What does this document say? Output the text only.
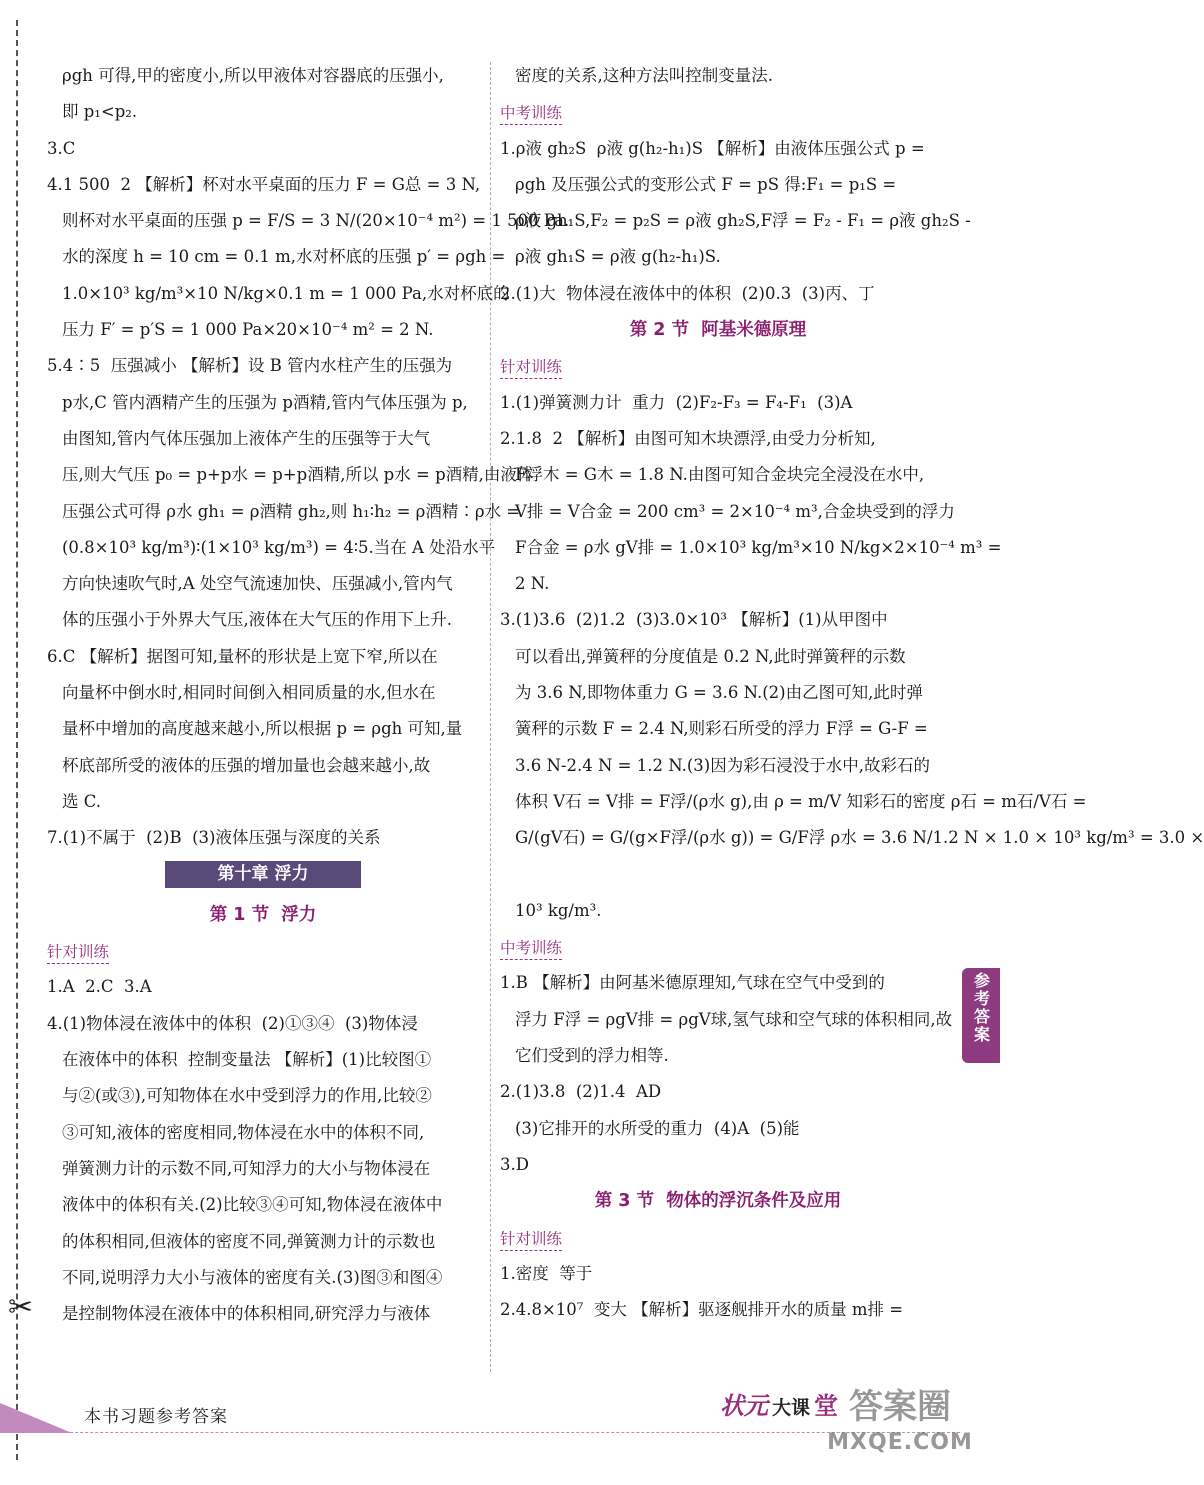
✂
ρgh 可得,甲的密度小,所以甲液体对容器底的压强小,
即 p₁<p₂.
3.C
4.1 500  2 【解析】杯对水平桌面的压力 F = G总 = 3 N,
则杯对水平桌面的压强 p = F/S = 3 N/(20×10⁻⁴ m²) = 1 500 Pa.
水的深度 h = 10 cm = 0.1 m,水对杯底的压强 p′ = ρgh =
1.0×10³ kg/m³×10 N/kg×0.1 m = 1 000 Pa,水对杯底的
压力 F′ = p′S = 1 000 Pa×20×10⁻⁴ m² = 2 N.
5.4∶5  压强减小 【解析】设 B 管内水柱产生的压强为
p水,C 管内酒精产生的压强为 p酒精,管内气体压强为 p,
由图知,管内气体压强加上液体产生的压强等于大气
压,则大气压 p₀ = p+p水 = p+p酒精,所以 p水 = p酒精,由液体
压强公式可得 ρ水 gh₁ = ρ酒精 gh₂,则 h₁∶h₂ = ρ酒精∶ρ水 =
(0.8×10³ kg/m³)∶(1×10³ kg/m³) = 4∶5.当在 A 处沿水平
方向快速吹气时,A 处空气流速加快、压强减小,管内气
体的压强小于外界大气压,液体在大气压的作用下上升.
6.C 【解析】据图可知,量杯的形状是上宽下窄,所以在
向量杯中倒水时,相同时间倒入相同质量的水,但水在
量杯中增加的高度越来越小,所以根据 p = ρgh 可知,量
杯底部所受的液体的压强的增加量也会越来越小,故
选 C.
7.(1)不属于  (2)B  (3)液体压强与深度的关系
第十章 浮力
第 1 节  浮力
针对训练
1.A  2.C  3.A
4.(1)物体浸在液体中的体积  (2)①③④  (3)物体浸
在液体中的体积  控制变量法 【解析】(1)比较图①
与②(或③),可知物体在水中受到浮力的作用,比较②
③可知,液体的密度相同,物体浸在水中的体积不同,
弹簧测力计的示数不同,可知浮力的大小与物体浸在
液体中的体积有关.(2)比较③④可知,物体浸在液体中
的体积相同,但液体的密度不同,弹簧测力计的示数也
不同,说明浮力大小与液体的密度有关.(3)图③和图④
是控制物体浸在液体中的体积相同,研究浮力与液体
密度的关系,这种方法叫控制变量法.
中考训练
1.ρ液 gh₂S  ρ液 g(h₂-h₁)S 【解析】由液体压强公式 p =
ρgh 及压强公式的变形公式 F = pS 得:F₁ = p₁S =
ρ液 gh₁S,F₂ = p₂S = ρ液 gh₂S,F浮 = F₂ - F₁ = ρ液 gh₂S -
ρ液 gh₁S = ρ液 g(h₂-h₁)S.
2.(1)大  物体浸在液体中的体积  (2)0.3  (3)丙、丁
第 2 节  阿基米德原理
针对训练
1.(1)弹簧测力计  重力  (2)F₂-F₃ = F₄-F₁  (3)A
2.1.8  2 【解析】由图可知木块漂浮,由受力分析知,
F浮木 = G木 = 1.8 N.由图可知合金块完全浸没在水中,
V排 = V合金 = 200 cm³ = 2×10⁻⁴ m³,合金块受到的浮力
F合金 = ρ水 gV排 = 1.0×10³ kg/m³×10 N/kg×2×10⁻⁴ m³ =
2 N.
3.(1)3.6  (2)1.2  (3)3.0×10³ 【解析】(1)从甲图中
可以看出,弹簧秤的分度值是 0.2 N,此时弹簧秤的示数
为 3.6 N,即物体重力 G = 3.6 N.(2)由乙图可知,此时弹
簧秤的示数 F = 2.4 N,则彩石所受的浮力 F浮 = G-F =
3.6 N-2.4 N = 1.2 N.(3)因为彩石浸没于水中,故彩石的
体积 V石 = V排 = F浮/(ρ水 g),由 ρ = m/V 知彩石的密度 ρ石 = m石/V石 =
G/(gV石) = G/(g×F浮/(ρ水 g)) = G/F浮 ρ水 = 3.6 N/1.2 N × 1.0 × 10³ kg/m³ = 3.0 ×
10³ kg/m³.
中考训练
1.B 【解析】由阿基米德原理知,气球在空气中受到的
浮力 F浮 = ρgV排 = ρgV球,氢气球和空气球的体积相同,故
它们受到的浮力相等.
2.(1)3.8  (2)1.4  AD
(3)它排开的水所受的重力  (4)A  (5)能
3.D
第 3 节  物体的浮沉条件及应用
针对训练
1.密度  等于
2.4.8×10⁷  变大 【解析】驱逐舰排开水的质量 m排 =
参考答案
本书习题参考答案	状元 大课 堂 答案圈
MXQE.COM
